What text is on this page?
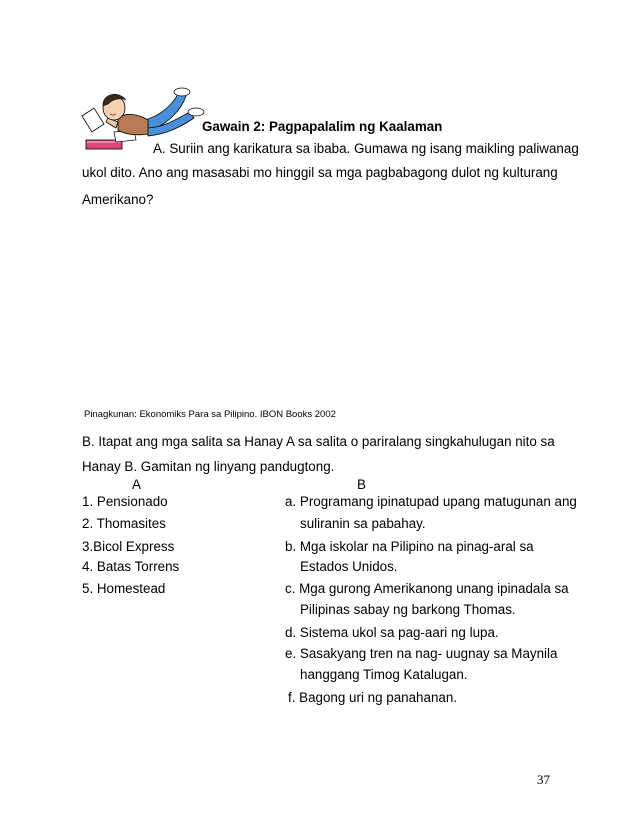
Gawain 2: Pagpapalalim ng Kaalaman
A. Suriin ang karikatura sa ibaba. Gumawa ng isang maikling paliwanag
ukol dito. Ano ang masasabi mo hinggil sa mga pagbabagong dulot ng kulturang
Amerikano?
Pinagkunan: Ekonomiks Para sa Pilipino. IBON Books 2002
B. Itapat ang mga salita sa Hanay A sa salita o pariralang singkahulugan nito sa
Hanay B. Gamitan ng linyang pandugtong.
A	B
1. Pensionado
2. Thomasites
3.Bicol Express
4. Batas Torrens
5. Homestead
a. Programang ipinatupad upang matugunan ang
suliranin sa pabahay.
b. Mga iskolar na Pilipino na pinag-aral sa
Estados Unidos.
c. Mga gurong Amerikanong unang ipinadala sa
Pilipinas sabay ng barkong Thomas.
d. Sistema ukol sa pag-aari ng lupa.
e. Sasakyang tren na nag- uugnay sa Maynila
hanggang Timog Katalugan.
f. Bagong uri ng panahanan.
37
